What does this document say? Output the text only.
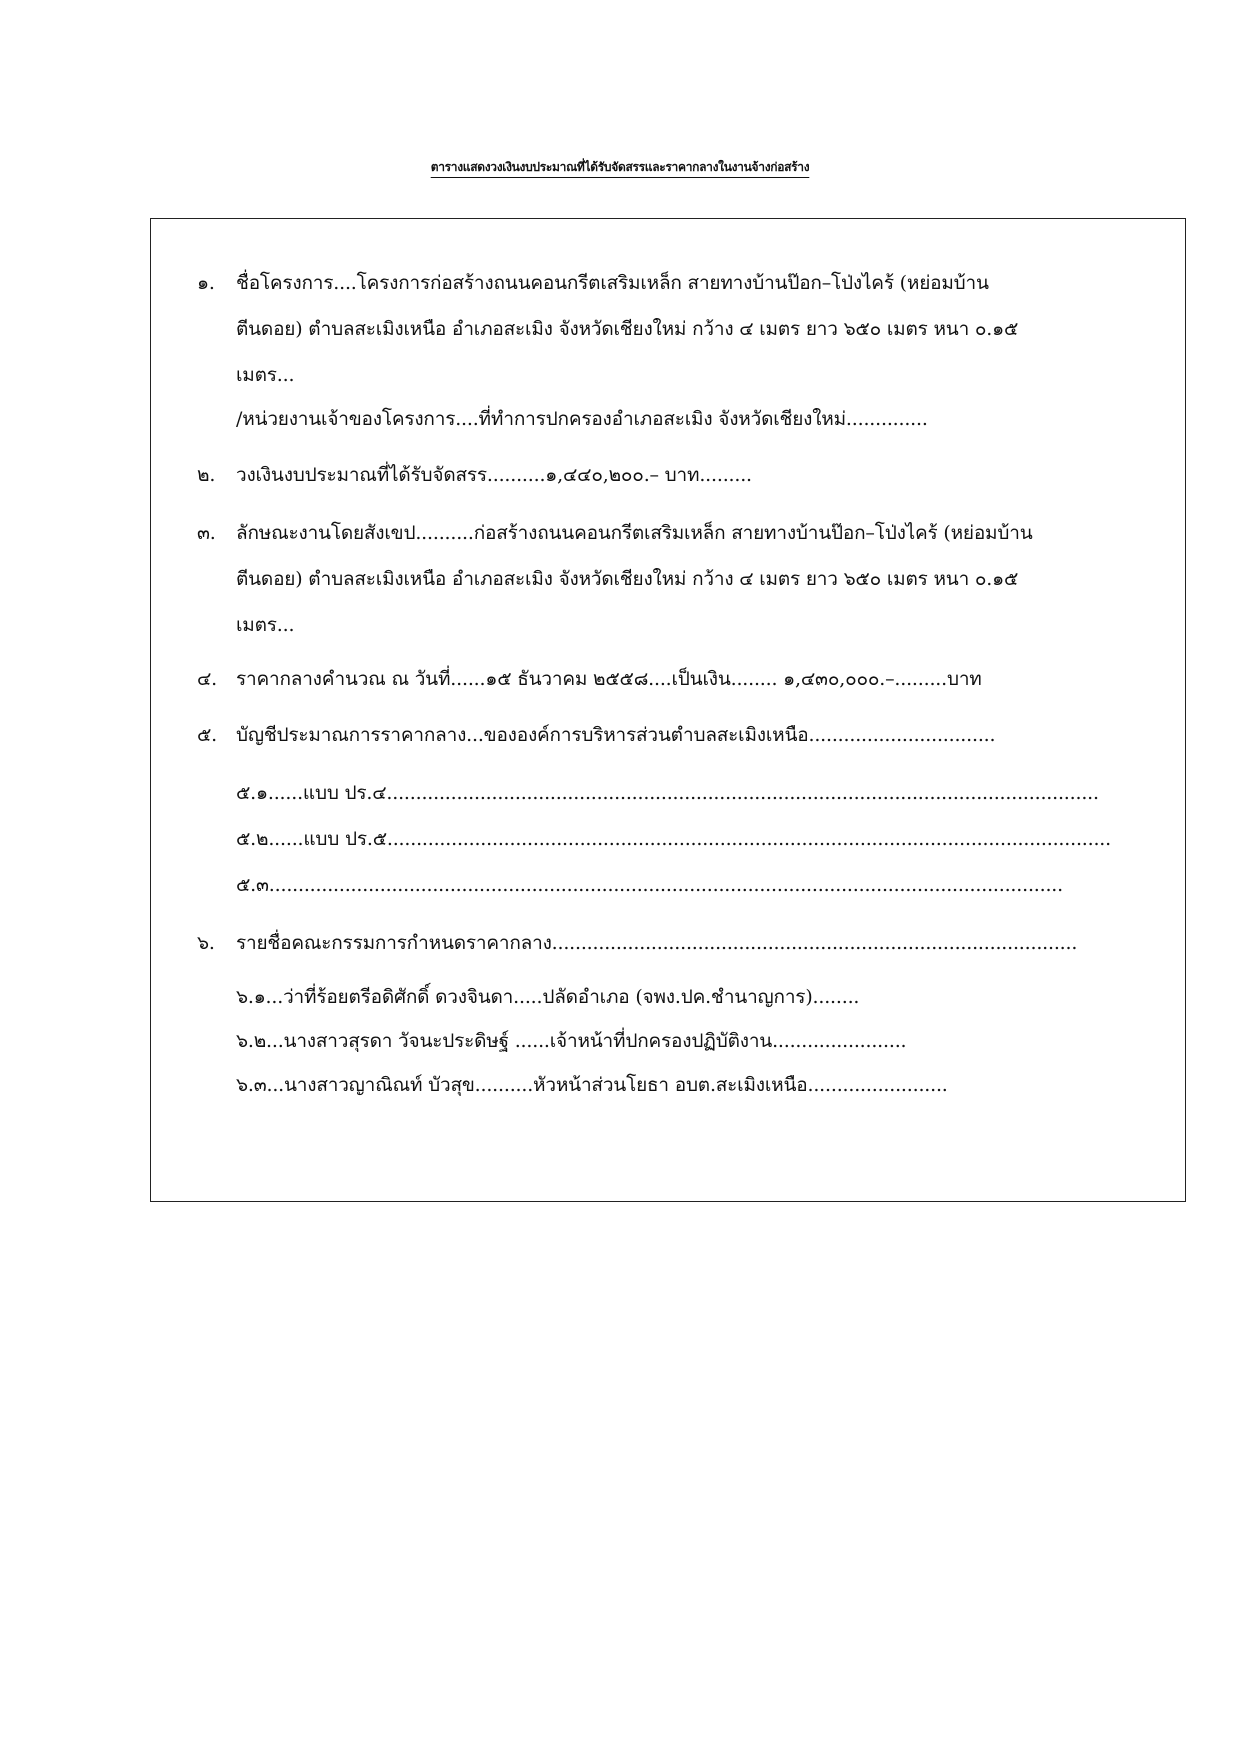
ตารางแสดงวงเงินงบประมาณที่ได้รับจัดสรรและราคากลางในงานจ้างก่อสร้าง
๑. ชื่อโครงการ....โครงการก่อสร้างถนนคอนกรีตเสริมเหล็ก สายทางบ้านป๊อก–โป่งไคร้ (หย่อมบ้าน
ตีนดอย) ตำบลสะเมิงเหนือ อำเภอสะเมิง จังหวัดเชียงใหม่ กว้าง ๔ เมตร ยาว ๖๕๐ เมตร หนา ๐.๑๕
เมตร...
/หน่วยงานเจ้าของโครงการ....ที่ทำการปกครองอำเภอสะเมิง จังหวัดเชียงใหม่..............
๒. วงเงินงบประมาณที่ได้รับจัดสรร..........๑,๔๔๐,๒๐๐.– บาท.........
๓. ลักษณะงานโดยสังเขป..........ก่อสร้างถนนคอนกรีตเสริมเหล็ก สายทางบ้านป๊อก–โป่งไคร้ (หย่อมบ้าน
ตีนดอย) ตำบลสะเมิงเหนือ อำเภอสะเมิง จังหวัดเชียงใหม่ กว้าง ๔ เมตร ยาว ๖๕๐ เมตร หนา ๐.๑๕
เมตร...
๔. ราคากลางคำนวณ ณ วันที่......๑๕ ธันวาคม ๒๕๕๘....เป็นเงิน........ ๑,๔๓๐,๐๐๐.–.........บาท
๕. บัญชีประมาณการราคากลาง...ขององค์การบริหารส่วนตำบลสะเมิงเหนือ................................
๕.๑......แบบ ปร.๔..........................................................................................................................
๕.๒......แบบ ปร.๕............................................................................................................................
๕.๓........................................................................................................................................
๖. รายชื่อคณะกรรมการกำหนดราคากลาง..........................................................................................
๖.๑...ว่าที่ร้อยตรีอดิศักดิ์ ดวงจินดา.....ปลัดอำเภอ (จพง.ปค.ชำนาญการ)........
๖.๒...นางสาวสุรดา วัจนะประดิษฐ์ ......เจ้าหน้าที่ปกครองปฏิบัติงาน.......................
๖.๓...นางสาวญาณิณท์ บัวสุข..........หัวหน้าส่วนโยธา อบต.สะเมิงเหนือ........................
